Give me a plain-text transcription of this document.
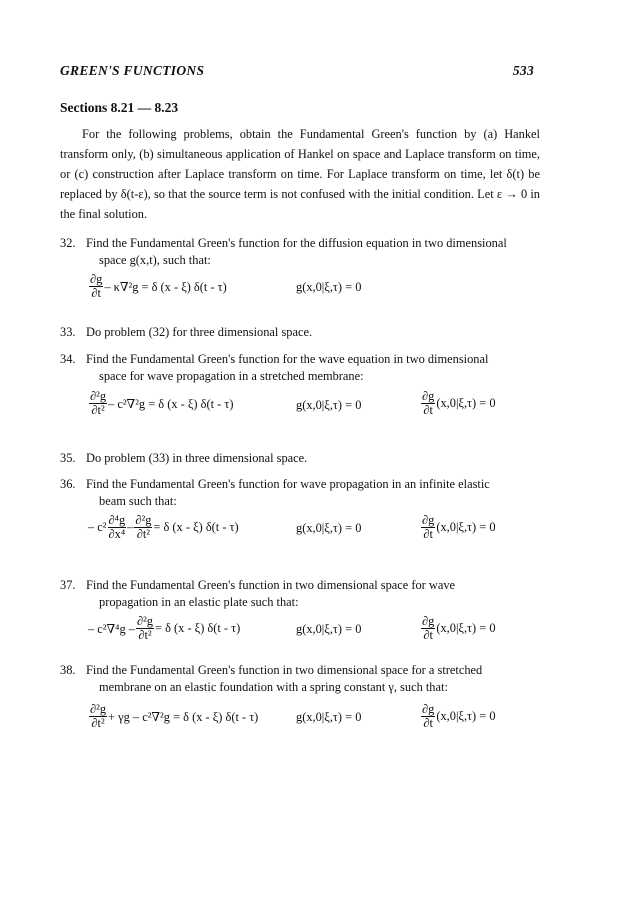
GREEN'S FUNCTIONS	533
Sections 8.21 — 8.23
For the following problems, obtain the Fundamental Green's function by (a) Hankel transform only, (b) simultaneous application of Hankel on space and Laplace transform on time, or (c) construction after Laplace transform on time. For Laplace transform on time, let δ(t) be replaced by δ(t-ε), so that the source term is not confused with the initial condition. Let ε → 0 in the final solution.
32. Find the Fundamental Green's function for the diffusion equation in two dimensional
space g(x,t), such that:
$\frac{\partial g}{\partial t} - \kappa\nabla^2g = \delta$ (x - ξ) δ(t - τ)	g(x,0|ξ,τ) = 0
33. Do problem (32) for three dimensional space.
34. Find the Fundamental Green's function for the wave equation in two dimensional
space for wave propagation in a stretched membrane:
$\frac{\text{∂²g}}{\text{∂t²}} - c^2\nabla^2g = \delta$ (x - ξ) δ(t - τ)	g(x,0|ξ,τ) = 0	$\frac{\partial g}{\partial t} (x,0|\xi,\tau) = 0$
35. Do problem (33) in three dimensional space.
36. Find the Fundamental Green's function for wave propagation in an infinite elastic
beam such that:
– $c^2 \frac{\text{∂⁴g}}{\text{∂x⁴}} - \frac{\text{∂²g}}{\text{∂t²}} = \delta$ (x - ξ) δ(t - τ)	g(x,0|ξ,τ) = 0	$\frac{\partial g}{\partial t} (x,0|\xi,\tau) = 0$
37. Find the Fundamental Green's function in two dimensional space for wave
propagation in an elastic plate such that:
– $c^2\nabla^4g - \frac{\text{∂²g}}{\text{∂t²}} = \delta$ (x - ξ) δ(t - τ)	g(x,0|ξ,τ) = 0	$\frac{\partial g}{\partial t} (x,0|\xi,\tau) = 0$
38. Find the Fundamental Green's function in two dimensional space for a stretched
membrane on an elastic foundation with a spring constant γ, such that:
$\frac{\text{∂²g}}{\text{∂t²}} + \gamma g - c^2\nabla^2g = \delta$ (x - ξ) δ(t - τ)	g(x,0|ξ,τ) = 0	$\frac{\partial g}{\partial t} (x,0|\xi,\tau) = 0$
